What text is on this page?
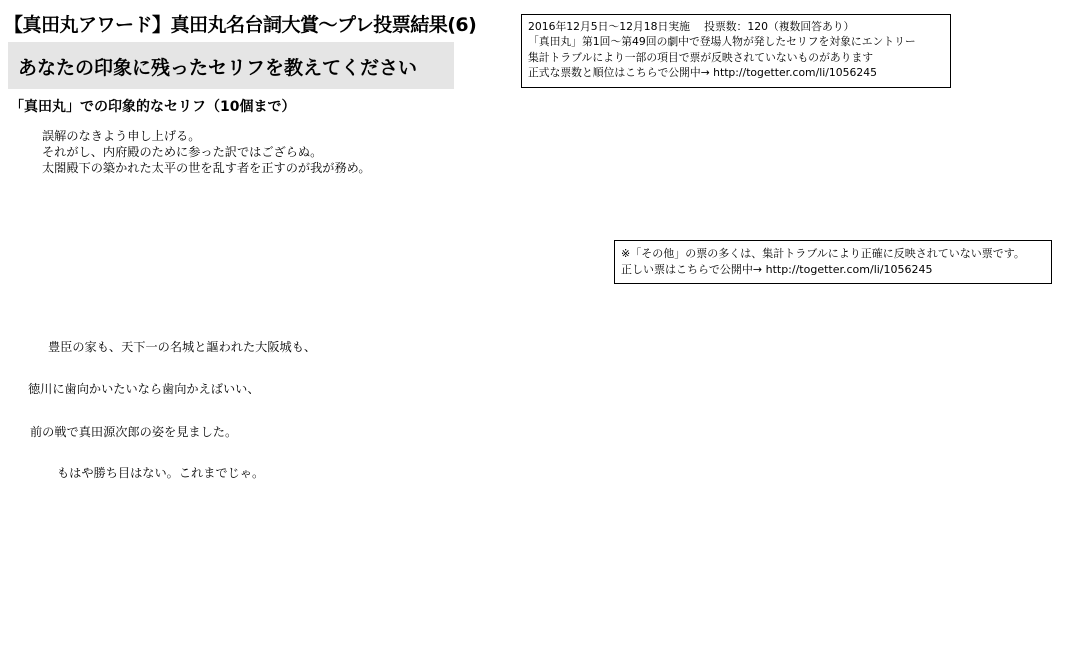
【真田丸アワード】真田丸名台詞大賞〜プレ投票結果(6)	2016年12月5日〜12月18日実施　 投票数：120（複数回答あり）
「真田丸」第1回〜第49回の劇中で登場人物が発したセリフを対象にエントリー
集計トラブルにより一部の項目で票が反映されていないものがあります
正式な票数と順位はこちらで公開中→ http://togetter.com/li/1056245
あなたの印象に残ったセリフを教えてください
「真田丸」での印象的なセリフ（10個まで）
誤解のなきよう申し上げる。
それがし、内府殿のために参った訳ではござらぬ。
太閤殿下の築かれた太平の世を乱す者を正すのが我が務め。
豊臣の家も、天下一の名城と謳われた大阪城も、
徳川に歯向かいたいなら歯向かえばいい、
前の戦で真田源次郎の姿を見ました。
もはや勝ち目はない。これまでじゃ。
※「その他」の票の多くは、集計トラブルにより正確に反映されていない票です。
正しい票はこちらで公開中→ http://togetter.com/li/1056245
